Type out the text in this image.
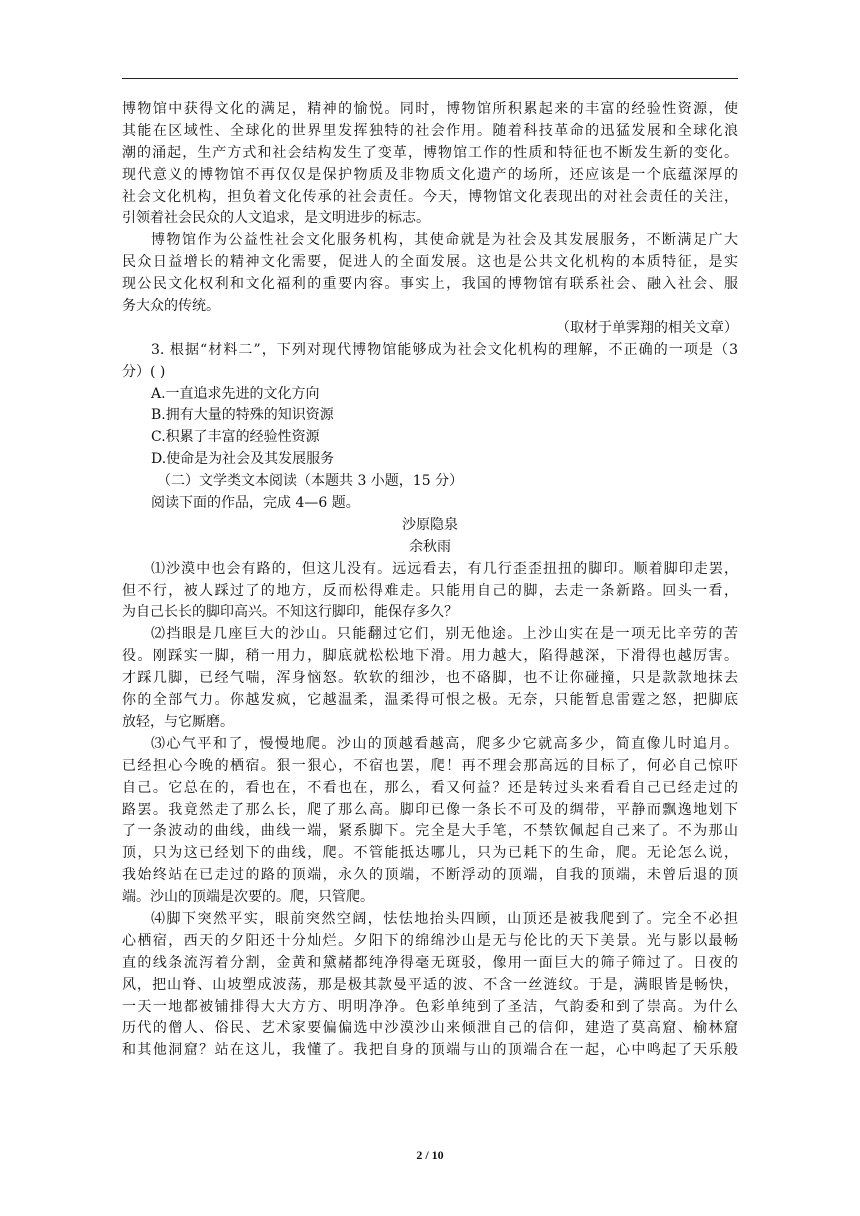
博物馆中获得文化的满足，精神的愉悦。同时，博物馆所积累起来的丰富的经验性资源，使
其能在区域性、全球化的世界里发挥独特的社会作用。随着科技革命的迅猛发展和全球化浪
潮的涌起，生产方式和社会结构发生了变革，博物馆工作的性质和特征也不断发生新的变化。
现代意义的博物馆不再仅仅是保护物质及非物质文化遗产的场所，还应该是一个底蕴深厚的
社会文化机构，担负着文化传承的社会责任。今天，博物馆文化表现出的对社会责任的关注，
引领着社会民众的人文追求，是文明进步的标志。
博物馆作为公益性社会文化服务机构，其使命就是为社会及其发展服务，不断满足广大
民众日益增长的精神文化需要，促进人的全面发展。这也是公共文化机构的本质特征，是实
现公民文化权利和文化福利的重要内容。事实上，我国的博物馆有联系社会、融入社会、服
务大众的传统。
（取材于单霁翔的相关文章）
3. 根据“材料二”，下列对现代博物馆能够成为社会文化机构的理解，不正确的一项是（3
分）( )
A.一直追求先进的文化方向
B.拥有大量的特殊的知识资源
C.积累了丰富的经验性资源
D.使命是为社会及其发展服务
（二）文学类文本阅读（本题共 3 小题，15 分）
阅读下面的作品，完成 4—6 题。
沙原隐泉
余秋雨
⑴沙漠中也会有路的，但这儿没有。远远看去，有几行歪歪扭扭的脚印。顺着脚印走罢，
但不行，被人踩过了的地方，反而松得难走。只能用自己的脚，去走一条新路。回头一看，
为自己长长的脚印高兴。不知这行脚印，能保存多久？
⑵挡眼是几座巨大的沙山。只能翻过它们，别无他途。上沙山实在是一项无比辛劳的苦
役。刚踩实一脚，稍一用力，脚底就松松地下滑。用力越大，陷得越深，下滑得也越厉害。
才踩几脚，已经气喘，浑身恼怒。软软的细沙，也不硌脚，也不让你碰撞，只是款款地抹去
你的全部气力。你越发疯，它越温柔，温柔得可恨之极。无奈，只能暂息雷霆之怒，把脚底
放轻，与它厮磨。
⑶心气平和了，慢慢地爬。沙山的顶越看越高，爬多少它就高多少，简直像儿时追月。
已经担心今晚的栖宿。狠一狠心，不宿也罢，爬！再不理会那高远的目标了，何必自己惊吓
自己。它总在的，看也在，不看也在，那么，看又何益？还是转过头来看看自己已经走过的
路罢。我竟然走了那么长，爬了那么高。脚印已像一条长不可及的绸带，平静而飘逸地划下
了一条波动的曲线，曲线一端，紧系脚下。完全是大手笔，不禁钦佩起自己来了。不为那山
顶，只为这已经划下的曲线，爬。不管能抵达哪儿，只为已耗下的生命，爬。无论怎么说，
我始终站在已走过的路的顶端，永久的顶端，不断浮动的顶端，自我的顶端，未曾后退的顶
端。沙山的顶端是次要的。爬，只管爬。
⑷脚下突然平实，眼前突然空阔，怯怯地抬头四顾，山顶还是被我爬到了。完全不必担
心栖宿，西天的夕阳还十分灿烂。夕阳下的绵绵沙山是无与伦比的天下美景。光与影以最畅
直的线条流泻着分割，金黄和黛赭都纯净得毫无斑驳，像用一面巨大的筛子筛过了。日夜的
风，把山脊、山坡塑成波荡，那是极其款曼平适的波、不含一丝涟纹。于是，满眼皆是畅快，
一天一地都被铺排得大大方方、明明净净。色彩单纯到了圣洁，气韵委和到了崇高。为什么
历代的僧人、俗民、艺术家要偏偏选中沙漠沙山来倾泄自己的信仰，建造了莫高窟、榆林窟
和其他洞窟？站在这儿，我懂了。我把自身的顶端与山的顶端合在一起，心中鸣起了天乐般
2 / 10
